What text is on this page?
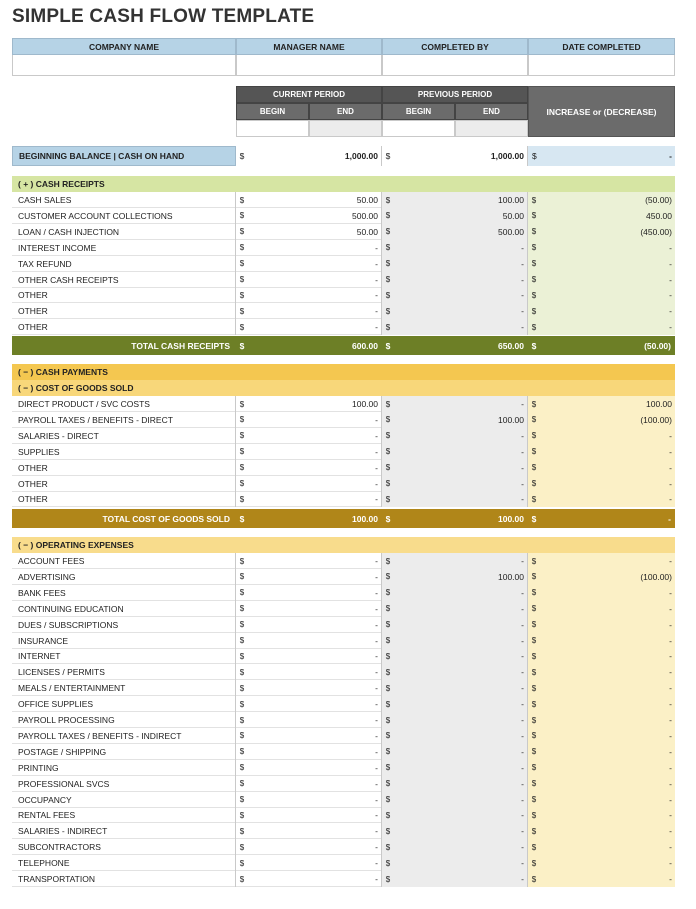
SIMPLE CASH FLOW TEMPLATE
COMPANY NAME	MANAGER NAME	COMPLETED BY	DATE COMPLETED
CURRENT PERIOD	PREVIOUS PERIOD
BEGIN	END	BEGIN	END	INCREASE or (DECREASE)
BEGINNING BALANCE | CASH ON HAND	$	1,000.00 $	1,000.00 $	-
( + ) CASH RECEIPTS
CASH SALES	$	50.00 $	100.00 $	(50.00)
CUSTOMER ACCOUNT COLLECTIONS	$	500.00 $	50.00 $	450.00
LOAN / CASH INJECTION	$	50.00 $	500.00 $	(450.00)
INTEREST INCOME	$	- $	- $	-
TAX REFUND	$	- $	- $	-
OTHER CASH RECEIPTS	$	- $	- $	-
OTHER	$	- $	- $	-
OTHER	$	- $	- $	-
OTHER	$	- $	- $	-
TOTAL CASH RECEIPTS	$	600.00 $	650.00 $	(50.00)
( − ) CASH PAYMENTS
( − ) COST OF GOODS SOLD
DIRECT PRODUCT / SVC COSTS	$	100.00 $	- $	100.00
PAYROLL TAXES / BENEFITS - DIRECT	$	- $	100.00 $	(100.00)
SALARIES - DIRECT	$	- $	- $	-
SUPPLIES	$	- $	- $	-
OTHER	$	- $	- $	-
OTHER	$	- $	- $	-
OTHER	$	- $	- $	-
TOTAL COST OF GOODS SOLD	$	100.00 $	100.00 $	-
( − ) OPERATING EXPENSES
ACCOUNT FEES	$	- $	- $	-
ADVERTISING	$	- $	100.00 $	(100.00)
BANK FEES	$	- $	- $	-
CONTINUING EDUCATION	$	- $	- $	-
DUES / SUBSCRIPTIONS	$	- $	- $	-
INSURANCE	$	- $	- $	-
INTERNET	$	- $	- $	-
LICENSES / PERMITS	$	- $	- $	-
MEALS / ENTERTAINMENT	$	- $	- $	-
OFFICE SUPPLIES	$	- $	- $	-
PAYROLL PROCESSING	$	- $	- $	-
PAYROLL TAXES / BENEFITS - INDIRECT	$	- $	- $	-
POSTAGE / SHIPPING	$	- $	- $	-
PRINTING	$	- $	- $	-
PROFESSIONAL SVCS	$	- $	- $	-
OCCUPANCY	$	- $	- $	-
RENTAL FEES	$	- $	- $	-
SALARIES - INDIRECT	$	- $	- $	-
SUBCONTRACTORS	$	- $	- $	-
TELEPHONE	$	- $	- $	-
TRANSPORTATION	$	- $	- $	-
